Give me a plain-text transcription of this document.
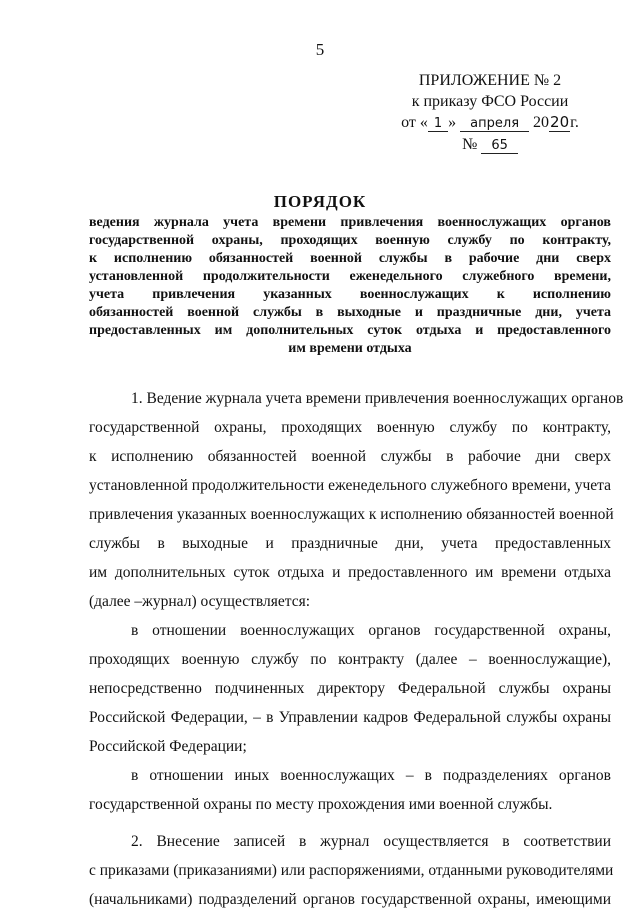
5
ПРИЛОЖЕНИЕ № 2
к приказу ФСО России
от « 1 » апреля 2020г.
№ 65
ПОРЯДОК
ведения журнала учета времени привлечения военнослужащих органов
государственной охраны, проходящих военную службу по контракту,
к исполнению обязанностей военной службы в рабочие дни сверх
установленной продолжительности еженедельного служебного времени,
учета привлечения указанных военнослужащих к исполнению
обязанностей военной службы в выходные и праздничные дни, учета
предоставленных им дополнительных суток отдыха и предоставленного
им времени отдыха
1. Ведение журнала учета времени привлечения военнослужащих органов
государственной охраны, проходящих военную службу по контракту,
к исполнению обязанностей военной службы в рабочие дни сверх
установленной продолжительности еженедельного служебного времени, учета
привлечения указанных военнослужащих к исполнению обязанностей военной
службы в выходные и праздничные дни, учета предоставленных
им дополнительных суток отдыха и предоставленного им времени отдыха
(далее –журнал) осуществляется:
в отношении военнослужащих органов государственной охраны,
проходящих военную службу по контракту (далее – военнослужащие),
непосредственно подчиненных директору Федеральной службы охраны
Российской Федерации, – в Управлении кадров Федеральной службы охраны
Российской Федерации;
в отношении иных военнослужащих – в подразделениях органов
государственной охраны по месту прохождения ими военной службы.
2. Внесение записей в журнал осуществляется в соответствии
с приказами (приказаниями) или распоряжениями, отданными руководителями
(начальниками) подразделений органов государственной охраны, имеющими
